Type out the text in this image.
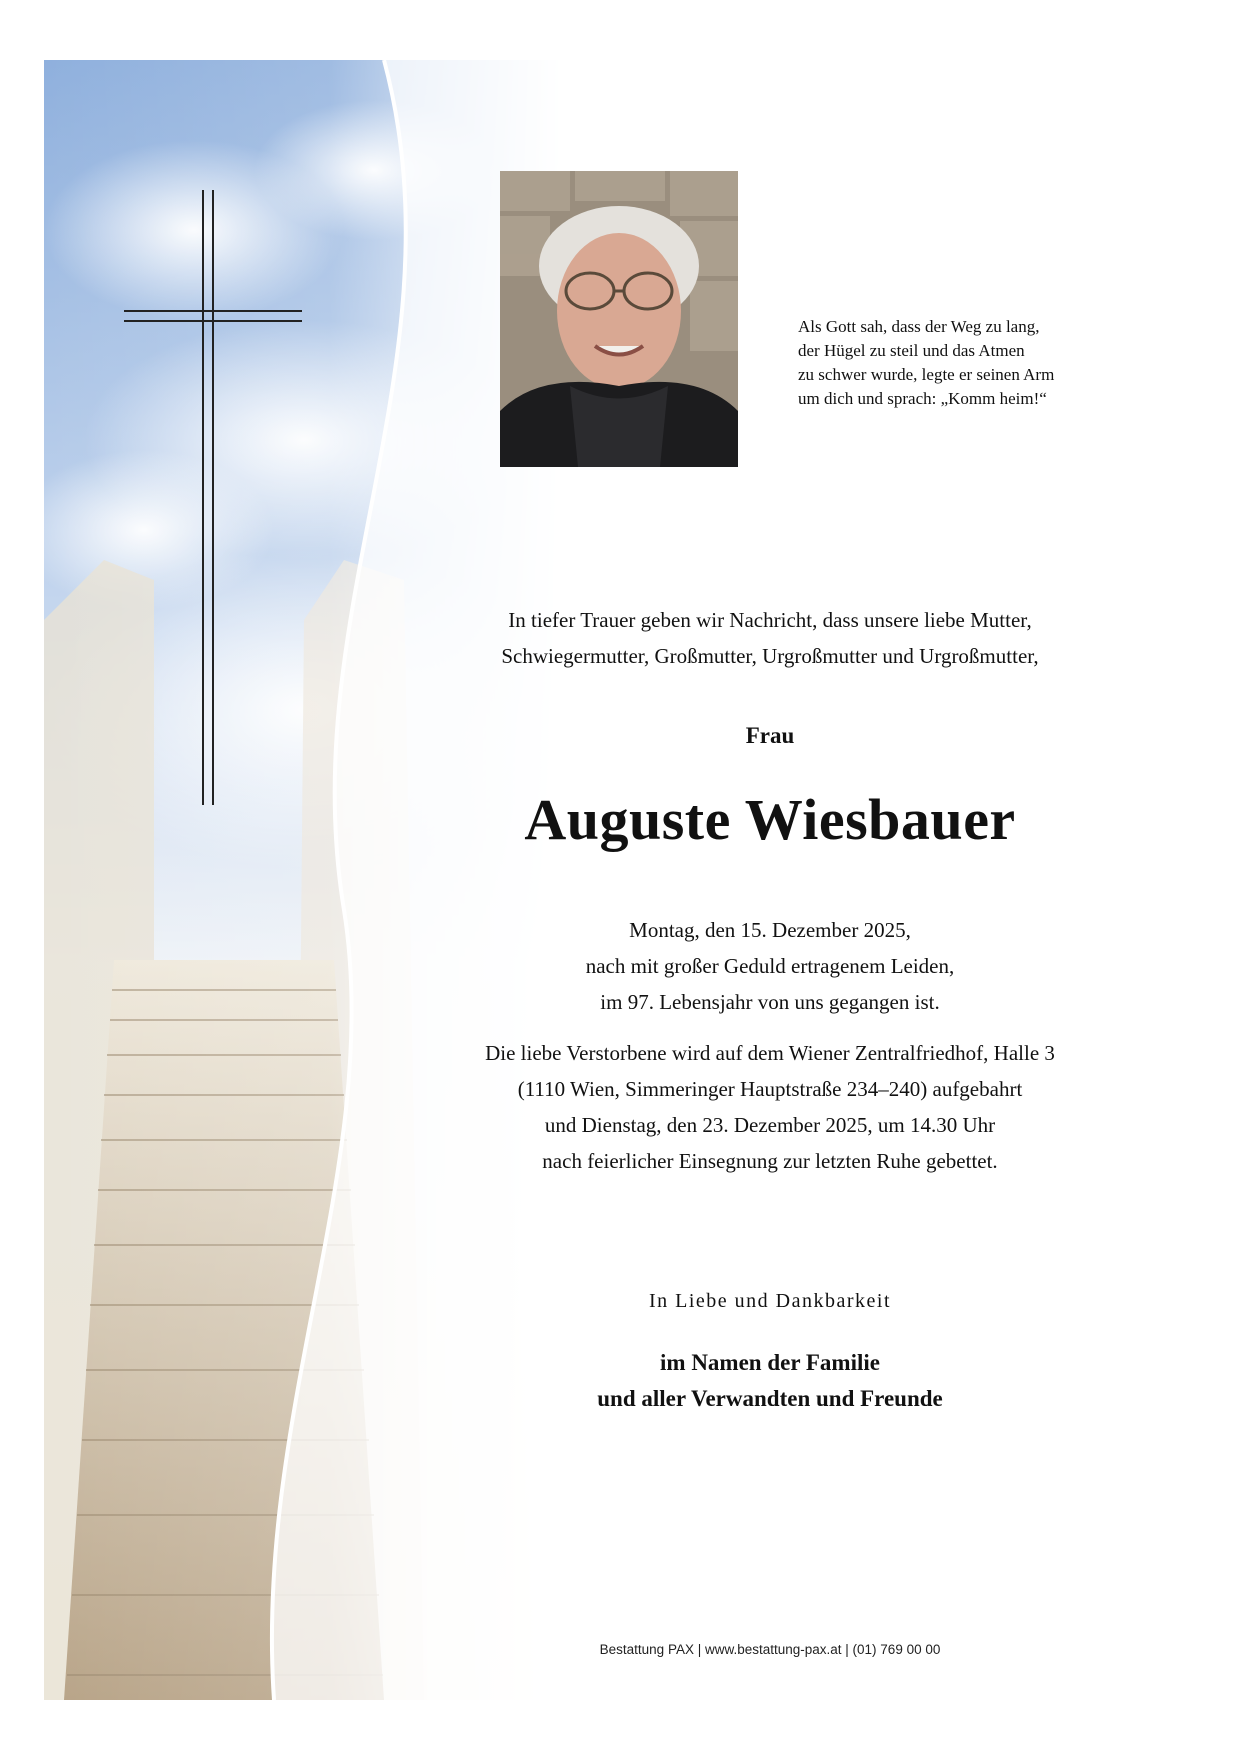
Als Gott sah, dass der Weg zu lang,
der Hügel zu steil und das Atmen
zu schwer wurde, legte er seinen Arm
um dich und sprach: „Komm heim!“
In tiefer Trauer geben wir Nachricht, dass unsere liebe Mutter,
Schwiegermutter, Großmutter, Urgroßmutter und Urgroßmutter,
Frau
Auguste Wiesbauer
Montag, den 15. Dezember 2025,
nach mit großer Geduld ertragenem Leiden,
im 97. Lebensjahr von uns gegangen ist.
Die liebe Verstorbene wird auf dem Wiener Zentralfriedhof, Halle 3
(1110 Wien, Simmeringer Hauptstraße 234–240) aufgebahrt
und Dienstag, den 23. Dezember 2025, um 14.30 Uhr
nach feierlicher Einsegnung zur letzten Ruhe gebettet.
In Liebe und Dankbarkeit
im Namen der Familie
und aller Verwandten und Freunde
Bestattung PAX | www.bestattung-pax.at | (01) 769 00 00
